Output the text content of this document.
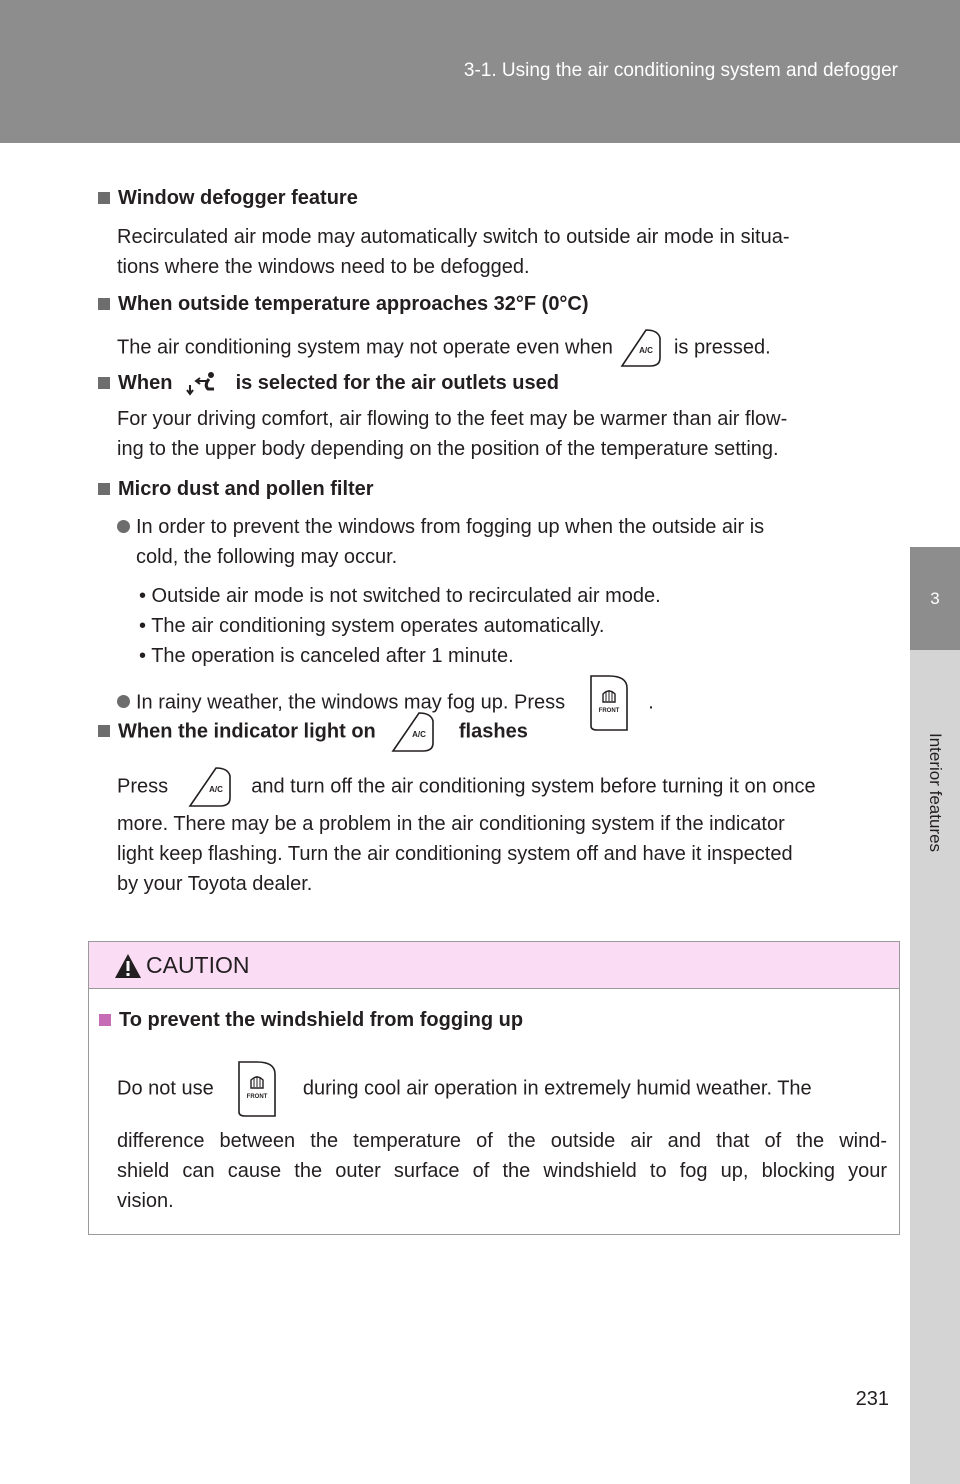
3-1. Using the air conditioning system and defogger
3
Interior features
Window defogger feature
Recirculated air mode may automatically switch to outside air mode in situa-
tions where the windows need to be defogged.
When outside temperature approaches 32°F (0°C)
The air conditioning system may not operate even when	A/C is pressed.
When	is selected for the air outlets used
For your driving comfort, air flowing to the feet may be warmer than air flow-
ing to the upper body depending on the position of the temperature setting.
Micro dust and pollen filter
In order to prevent the windows from fogging up when the outside air is
cold, the following may occur.
• Outside air mode is not switched to recirculated air mode.
• The air conditioning system operates automatically.
• The operation is canceled after 1 minute.
In rainy weather, the windows may fog up. Press	FRONT .
When the indicator light on	A/C flashes
Press	A/C and turn off the air conditioning system before turning it on once
more. There may be a problem in the air conditioning system if the indicator
light keep flashing. Turn the air conditioning system off and have it inspected
by your Toyota dealer.
CAUTION
To prevent the windshield from fogging up
Do not use	FRONT during cool air operation in extremely humid weather. The
difference between the temperature of the outside air and that of the wind-
shield can cause the outer surface of the windshield to fog up, blocking your
vision.
231
